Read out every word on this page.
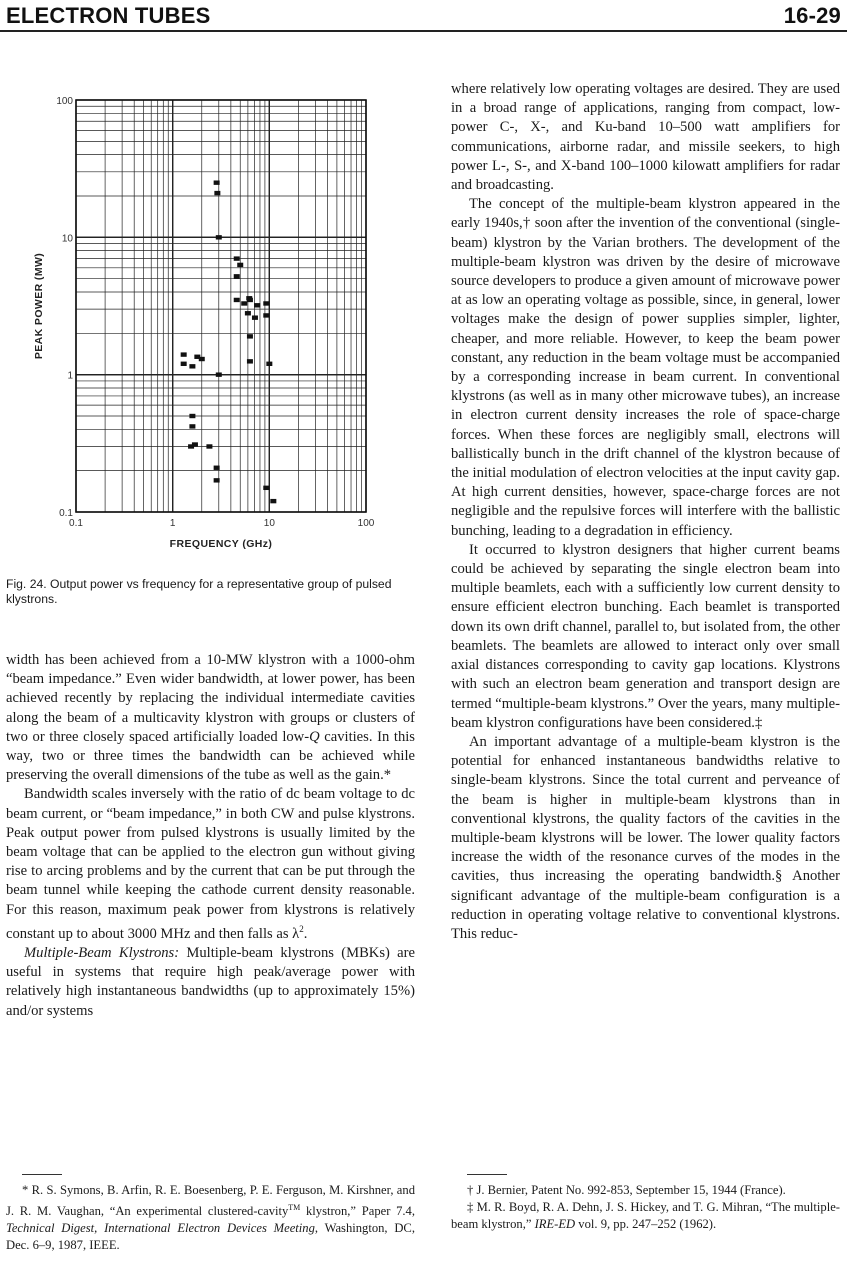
ELECTRON TUBES	16-29
0.1	1	10	100
100
10
1
0.1
FREQUENCY (GHz)
PEAK POWER (MW)
Fig. 24. Output power vs frequency for a representative group of pulsed klystrons.

width has been achieved from a 10-MW klystron with a 1000-ohm “beam impedance.” Even wider bandwidth, at lower power, has been achieved recently by replacing the individual intermediate cavities along the beam of a multicavity klystron with groups or clusters of two or three closely spaced artificially loaded low-Q cavities. In this way, two or three times the bandwidth can be achieved while preserving the overall dimensions of the tube as well as the gain.*

Bandwidth scales inversely with the ratio of dc beam voltage to dc beam current, or “beam impedance,” in both CW and pulse klystrons. Peak output power from pulsed klystrons is usually limited by the beam voltage that can be applied to the electron gun without giving rise to arcing problems and by the current that can be put through the beam tunnel while keeping the cathode current density reasonable. For this reason, maximum peak power from klystrons is relatively constant up to about 3000 MHz and then falls as $\lambda^2$.

Multiple-Beam Klystrons: Multiple-beam klystrons (MBKs) are useful in systems that require high peak/average power with relatively high instantaneous bandwidths (up to approximately 15%) and/or systems

where relatively low operating voltages are desired. They are used in a broad range of applications, ranging from compact, low-power C-, X-, and Ku-band 10–500 watt amplifiers for communications, airborne radar, and missile seekers, to high power L-, S-, and X-band 100–1000 kilowatt amplifiers for radar and broadcasting.

The concept of the multiple-beam klystron appeared in the early 1940s,† soon after the invention of the conventional (single-beam) klystron by the Varian brothers. The development of the multiple-beam klystron was driven by the desire of microwave source developers to produce a given amount of microwave power at as low an operating voltage as possible, since, in general, lower voltages make the design of power supplies simpler, lighter, cheaper, and more reliable. However, to keep the beam power constant, any reduction in the beam voltage must be accompanied by a corresponding increase in beam current. In conventional klystrons (as well as in many other microwave tubes), an increase in electron current density increases the role of space-charge forces. When these forces are negligibly small, electrons will ballistically bunch in the drift channel of the klystron because of the initial modulation of electron velocities at the input cavity gap. At high current densities, however, space-charge forces are not negligible and the repulsive forces will interfere with the ballistic bunching, leading to a degradation in efficiency.

It occurred to klystron designers that higher current beams could be achieved by separating the single electron beam into multiple beamlets, each with a sufficiently low current density to ensure efficient electron bunching. Each beamlet is transported down its own drift channel, parallel to, but isolated from, the other beamlets. The beamlets are allowed to interact only over small axial distances corresponding to cavity gap locations. Klystrons with such an electron beam generation and transport design are termed “multiple-beam klystrons.” Over the years, many multiple-beam klystron configurations have been considered.‡

An important advantage of a multiple-beam klystron is the potential for enhanced instantaneous bandwidths relative to single-beam klystrons. Since the total current and perveance of the beam is higher in multiple-beam klystrons than in conventional klystrons, the quality factors of the cavities in the multiple-beam klystrons will be lower. The lower quality factors increase the width of the resonance curves of the modes in the cavities, thus increasing the operating bandwidth.§ Another significant advantage of the multiple-beam configuration is a reduction in operating voltage relative to conventional klystrons. This reduc-

* R. S. Symons, B. Arfin, R. E. Boesenberg, P. E. Ferguson, M. Kirshner, and J. R. M. Vaughan, “An experimental clustered-cavity™ klystron,” Paper 7.4, Technical Digest, International Electron Devices Meeting, Washington, DC, Dec. 6–9, 1987, IEEE.

† J. Bernier, Patent No. 992-853, September 15, 1944 (France).

‡ M. R. Boyd, R. A. Dehn, J. S. Hickey, and T. G. Mihran, “The multiple-beam klystron,” IRE-ED vol. 9, pp. 247–252 (1962).
